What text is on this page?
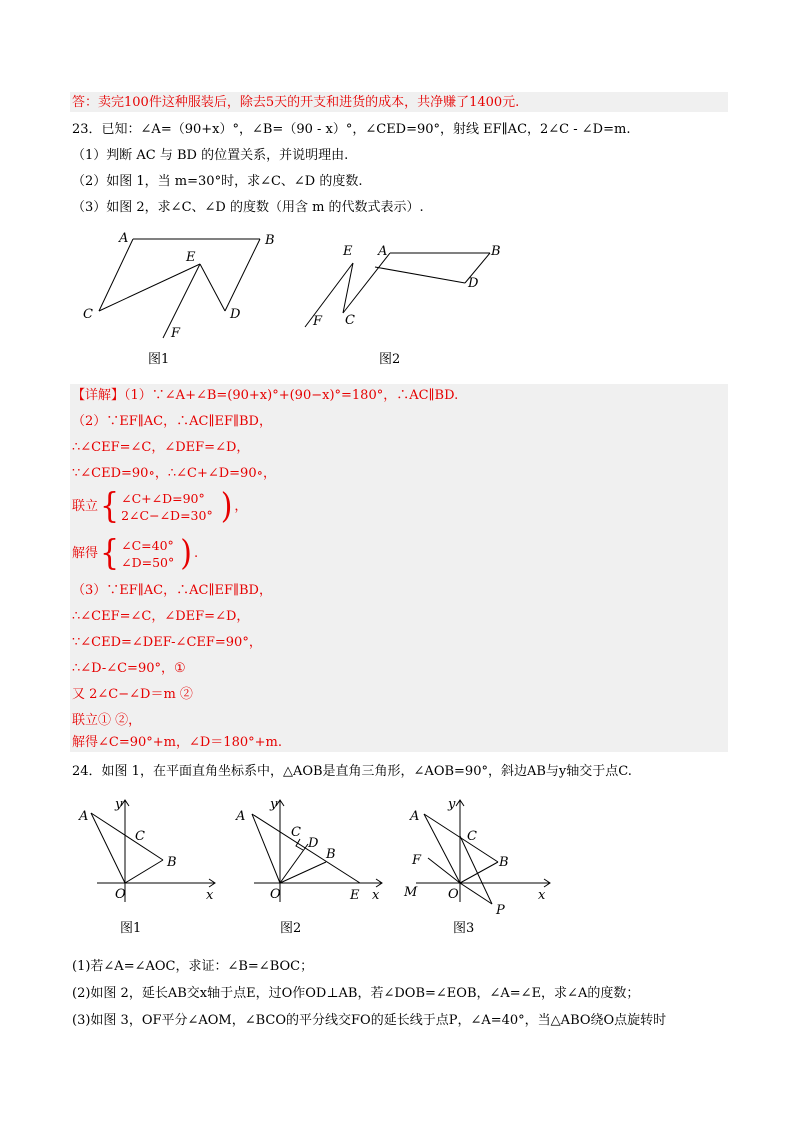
答：卖完100件这种服装后，除去5天的开支和进货的成本，共净赚了1400元.
23．已知：∠A=（90+x）°，∠B=（90 - x）°，∠CED=90°，射线 EF∥AC，2∠C - ∠D=m.
（1）判断 AC 与 BD 的位置关系，并说明理由.
（2）如图 1，当 m=30°时，求∠C、∠D 的度数.
（3）如图 2，求∠C、∠D 的度数（用含 m 的代数式表示）.
A	B
E
C	D
F
图1
E A	B
D
F C
图2
【详解】（1）∵∠A+∠B=(90+x)°+(90−x)°=180°，∴AC∥BD.
（2）∵EF∥AC，∴AC∥EF∥BD，
∴∠CEF=∠C，∠DEF=∠D，
∵∠CED=90∘，∴∠C+∠D=90∘，
联立 { ∠C+∠D=90°
2∠C−∠D=30° ) ，
解得 { ∠C=40°
∠D=50° ) .
（3）∵EF∥AC，∴AC∥EF∥BD，
∴∠CEF=∠C，∠DEF=∠D，
∵∠CED=∠DEF-∠CEF=90°，
∴∠D-∠C=90°，①
又 2∠C−∠D＝m ②
联立① ②，
解得∠C=90°+m，∠D＝180°+m.
24．如图 1，在平面直角坐标系中，△AOB是直角三角形，∠AOB=90°，斜边AB与y轴交于点C.
y
A
C
B
O	x
图1
y
A
C
D
B
O	E x
图2
y
A
C
F	B
M O	x
P
图3
(1)若∠A=∠AOC，求证：∠B=∠BOC；
(2)如图 2，延长AB交x轴于点E，过O作OD⊥AB，若∠DOB=∠EOB，∠A=∠E，求∠A的度数；
(3)如图 3，OF平分∠AOM，∠BCO的平分线交FO的延长线于点P，∠A=40°，当△ABO绕O点旋转时
